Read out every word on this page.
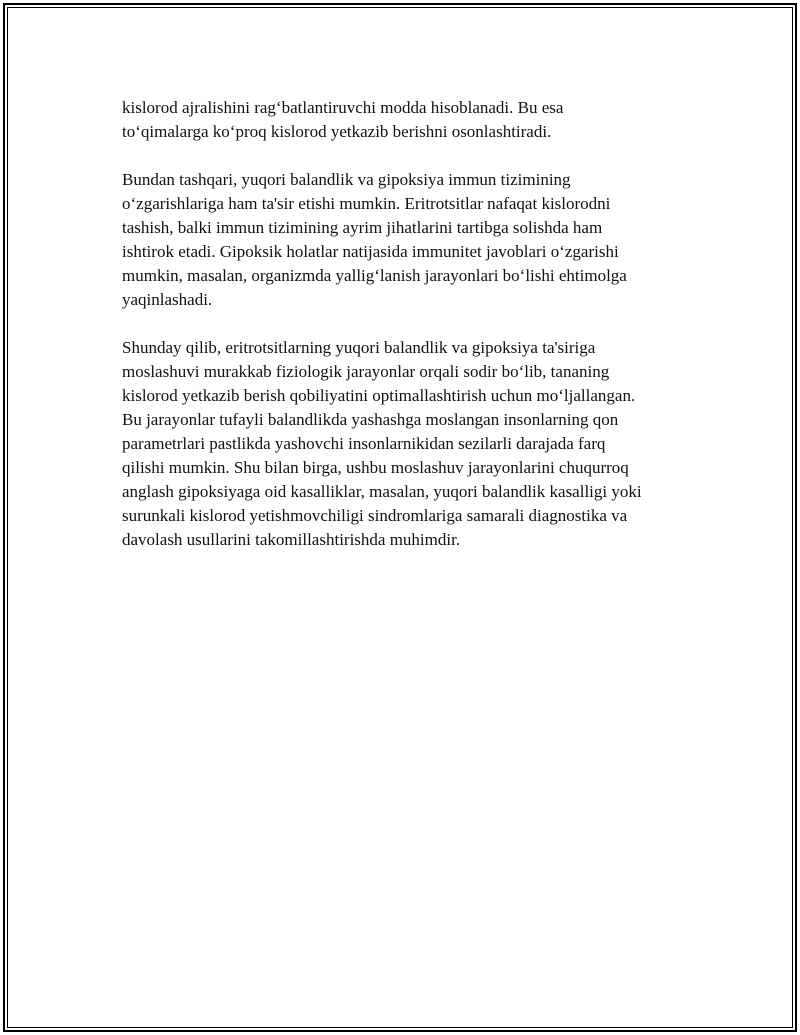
kislorod ajralishini rag‘batlantiruvchi modda hisoblanadi. Bu esa
to‘qimalarga ko‘proq kislorod yetkazib berishni osonlashtiradi.

Bundan tashqari, yuqori balandlik va gipoksiya immun tizimining
o‘zgarishlariga ham ta'sir etishi mumkin. Eritrotsitlar nafaqat kislorodni
tashish, balki immun tizimining ayrim jihatlarini tartibga solishda ham
ishtirok etadi. Gipoksik holatlar natijasida immunitet javoblari o‘zgarishi
mumkin, masalan, organizmda yallig‘lanish jarayonlari bo‘lishi ehtimolga
yaqinlashadi.

Shunday qilib, eritrotsitlarning yuqori balandlik va gipoksiya ta'siriga
moslashuvi murakkab fiziologik jarayonlar orqali sodir bo‘lib, tananing
kislorod yetkazib berish qobiliyatini optimallashtirish uchun mo‘ljallangan.
Bu jarayonlar tufayli balandlikda yashashga moslangan insonlarning qon
parametrlari pastlikda yashovchi insonlarnikidan sezilarli darajada farq
qilishi mumkin. Shu bilan birga, ushbu moslashuv jarayonlarini chuqurroq
anglash gipoksiyaga oid kasalliklar, masalan, yuqori balandlik kasalligi yoki
surunkali kislorod yetishmovchiligi sindromlariga samarali diagnostika va
davolash usullarini takomillashtirishda muhimdir.
